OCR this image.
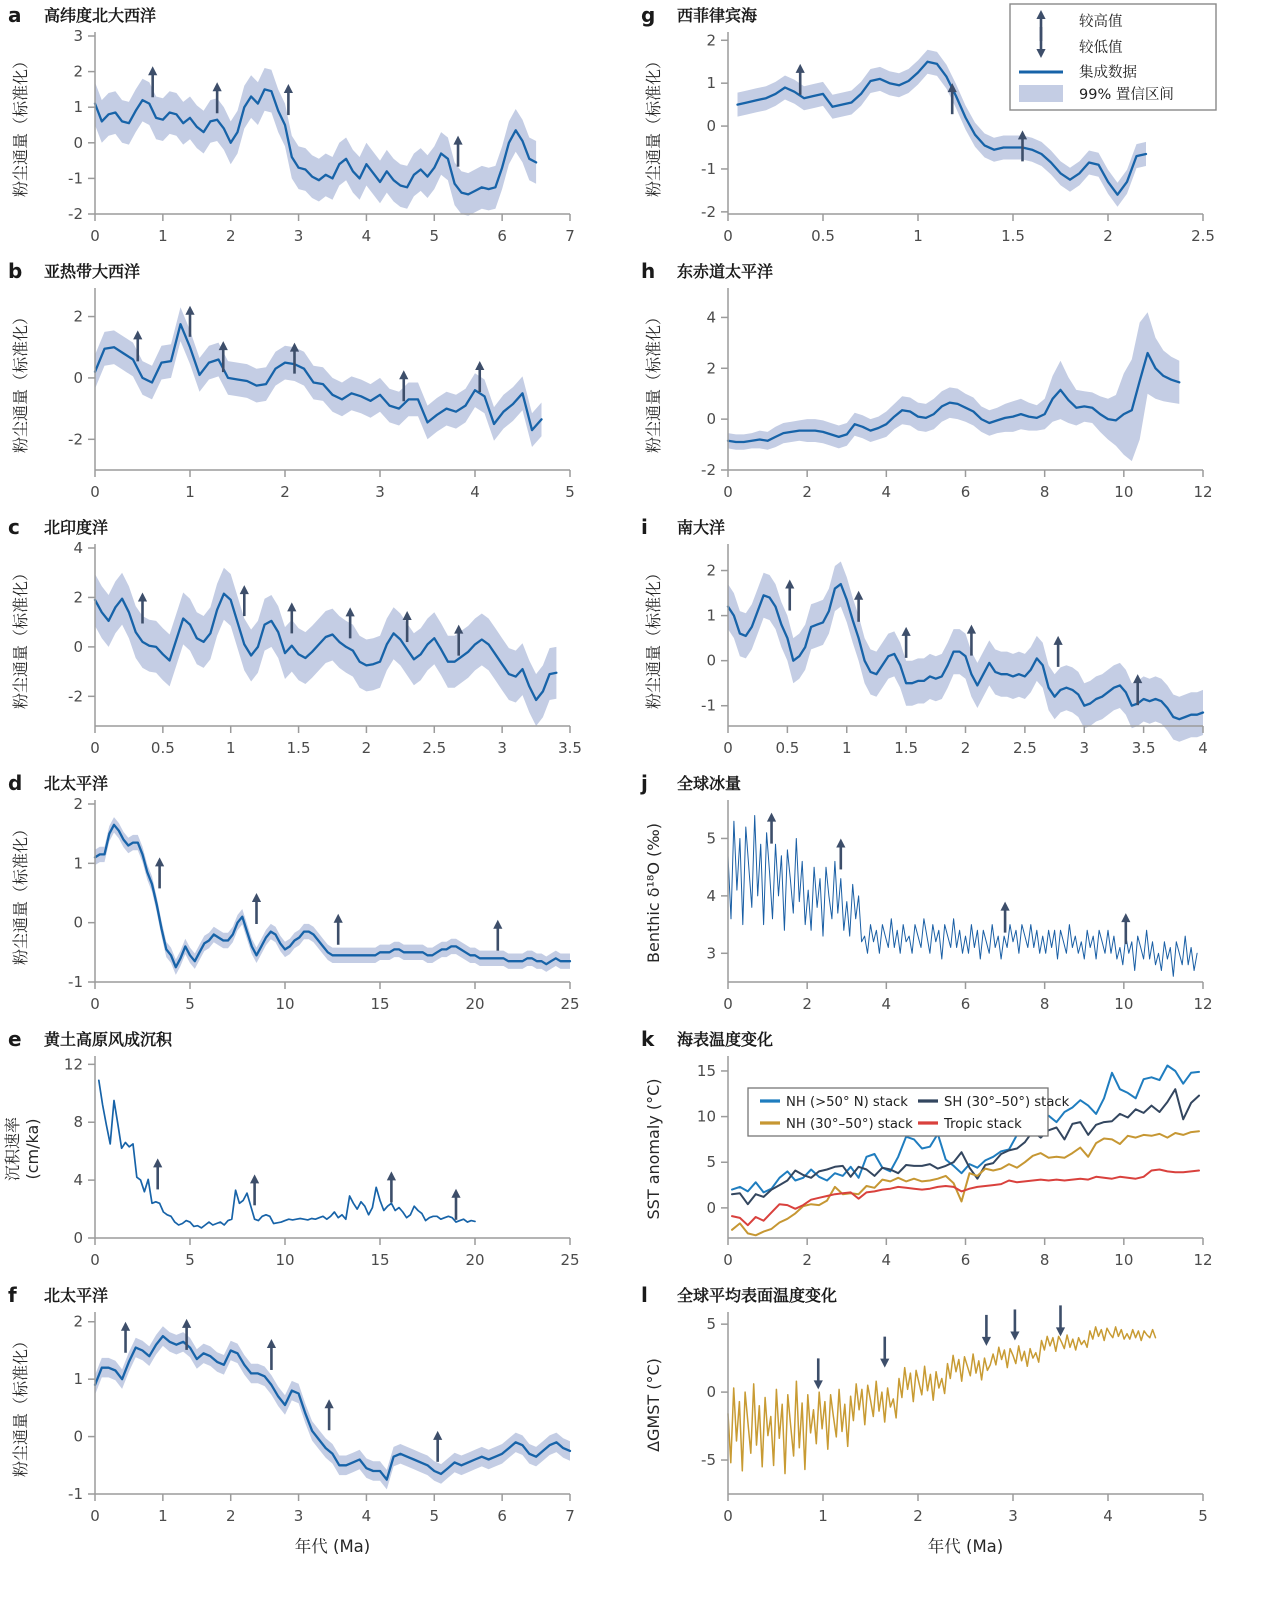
-2
-1
0
1
2
3
0	1	2	3	4	5	6	7
粉尘通量（标准化）
a 高纬度北大西洋
-2
0
2
0	1	2	3	4	5
粉尘通量（标准化）
b 亚热带大西洋
-2
0
2
4
0	0.5	1	1.5	2	2.5	3	3.5
粉尘通量（标准化）
c 北印度洋
-1
0
1
2
0	5	10	15	20	25
粉尘通量（标准化）
d 北太平洋
0
4
8
12
0	5	10	15	20	25
沉积速率 (cm/ka)
e 黄土高原风成沉积
-1
0
1
2
0	1	2	3	4	5	6	7
粉尘通量（标准化）
年代 (Ma)
f 北太平洋
-2
-1
0
1
2
0	0.5	1	1.5	2	2.5
粉尘通量（标准化）
g 西菲律宾海	较高值
较低值
集成数据
99% 置信区间
-2
0
2
4
0	2	4	6	8	10	12
粉尘通量（标准化）
h 东赤道太平洋
-1
0
1
2
0	0.5	1	1.5	2	2.5	3	3.5	4
粉尘通量（标准化）
i 南大洋
3
4
5
0	2	4	6	8	10	12
Benthic δ¹⁸O (‰)
j 全球冰量
0
5
10
15
0	2	4	6	8	10	12
SST anomaly (°C)
k 海表温度变化
NH (>50° N) stack	SH (30°–50°) stack
NH (30°–50°) stack Tropic stack
-5
0
5
0	1	2	3	4	5
ΔGMST (°C)
年代 (Ma)
l 全球平均表面温度变化
